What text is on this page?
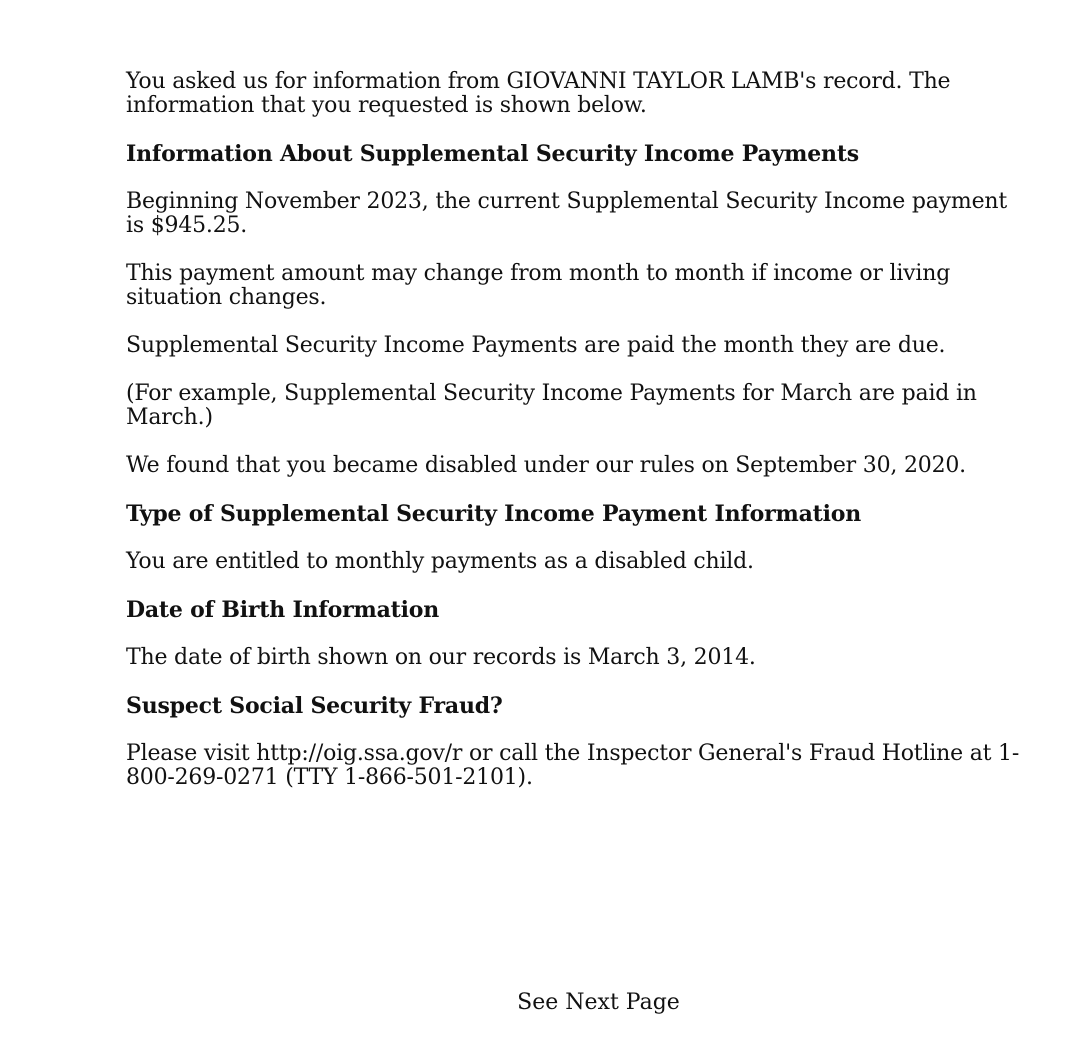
You asked us for information from GIOVANNI TAYLOR LAMB's record. The information that you requested is shown below.

Information About Supplemental Security Income Payments

Beginning November 2023, the current Supplemental Security Income payment is $945.25.

This payment amount may change from month to month if income or living situation changes.

Supplemental Security Income Payments are paid the month they are due.

(For example, Supplemental Security Income Payments for March are paid in March.)

We found that you became disabled under our rules on September 30, 2020.

Type of Supplemental Security Income Payment Information

You are entitled to monthly payments as a disabled child.

Date of Birth Information

The date of birth shown on our records is March 3, 2014.

Suspect Social Security Fraud?

Please visit http://oig.ssa.gov/r or call the Inspector General's Fraud Hotline at 1-800-269-0271 (TTY 1-866-501-2101).

See Next Page
